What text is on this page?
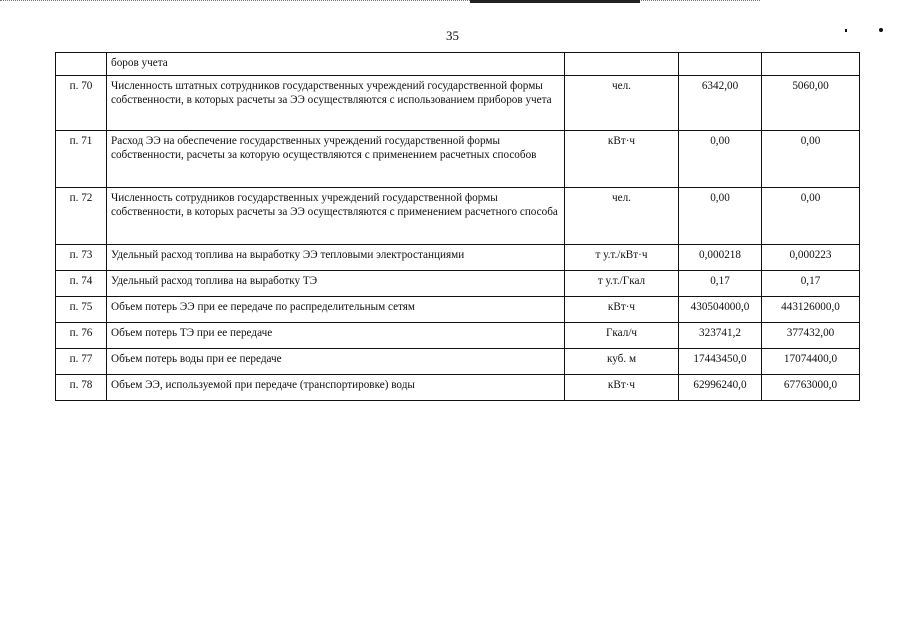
35
	боров учета			
п. 70	Численность штатных сотрудников государственных учреждений государственной формы собственности, в которых расчеты за ЭЭ осуществляются с использованием приборов учета	чел.	6342,00	5060,00
п. 71	Расход ЭЭ на обеспечение государственных учреждений государственной формы собственности, расчеты за которую осуществляются с применением расчетных способов	кВт·ч	0,00	0,00
п. 72	Численность сотрудников государственных учреждений государственной формы собственности, в которых расчеты за ЭЭ осуществляются с применением расчетного способа	чел.	0,00	0,00
п. 73	Удельный расход топлива на выработку ЭЭ тепловыми электростанциями	т у.т./кВт·ч	0,000218	0,000223
п. 74	Удельный расход топлива на выработку ТЭ	т у.т./Гкал	0,17	0,17
п. 75	Объем потерь ЭЭ при ее передаче по распределительным сетям	кВт·ч	430504000,0	443126000,0
п. 76	Объем потерь ТЭ при ее передаче	Гкал/ч	323741,2	377432,00
п. 77	Объем потерь воды при ее передаче	куб. м	17443450,0	17074400,0
п. 78	Объем ЭЭ, используемой при передаче (транспортировке) воды	кВт·ч	62996240,0	67763000,0
